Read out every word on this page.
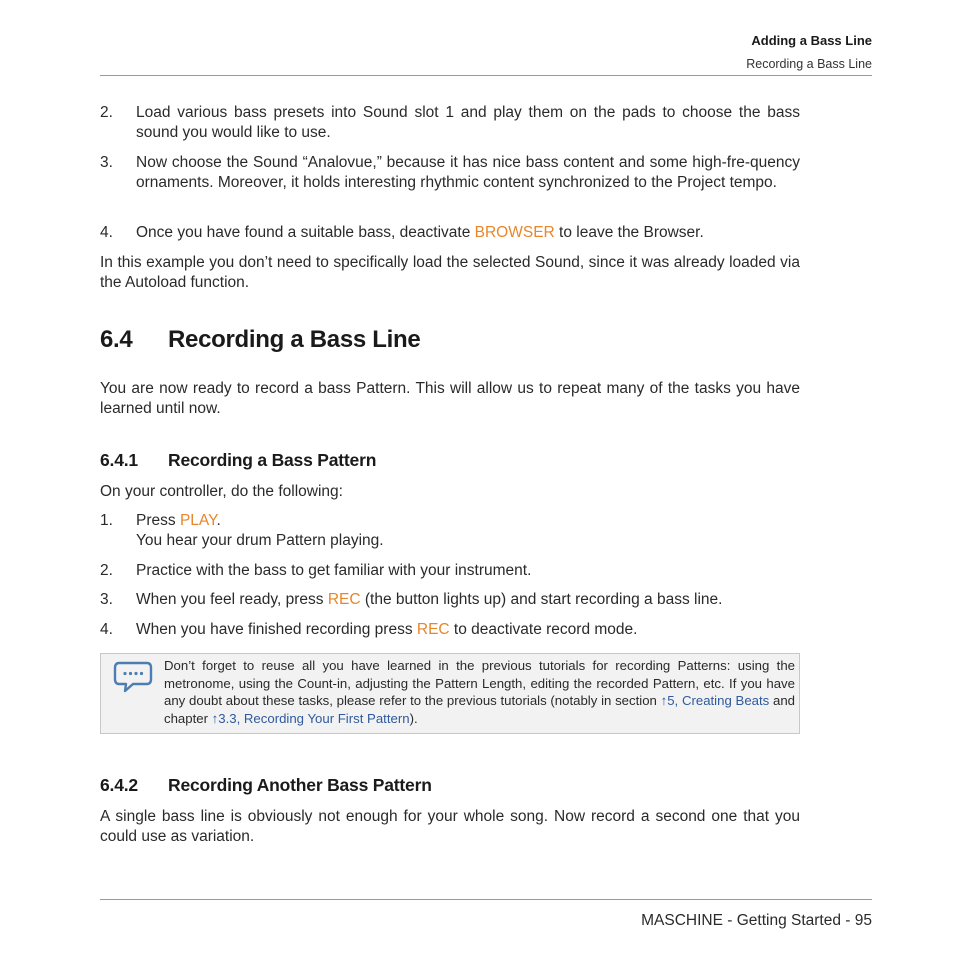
Adding a Bass Line
Recording a Bass Line
2.	Load various bass presets into Sound slot 1 and play them on the pads to choose the bass sound you would like to use.
3.	Now choose the Sound “Analovue,” because it has nice bass content and some high-fre-quency ornaments. Moreover, it holds interesting rhythmic content synchronized to the Project tempo.
4.	Once you have found a suitable bass, deactivate BROWSER to leave the Browser.
In this example you don’t need to specifically load the selected Sound, since it was already loaded via the Autoload function.
6.4 Recording a Bass Line
You are now ready to record a bass Pattern. This will allow us to repeat many of the tasks you have learned until now.
6.4.1 Recording a Bass Pattern
On your controller, do the following:
1.	Press PLAY.
You hear your drum Pattern playing.
2.	Practice with the bass to get familiar with your instrument.
3.	When you feel ready, press REC (the button lights up) and start recording a bass line.
4.	When you have finished recording press REC to deactivate record mode.
Don’t forget to reuse all you have learned in the previous tutorials for recording Patterns: using the metronome, using the Count-in, adjusting the Pattern Length, editing the recorded Pattern, etc. If you have any doubt about these tasks, please refer to the previous tutorials (notably in section ↑5, Creating Beats and chapter ↑3.3, Recording Your First Pattern).
6.4.2 Recording Another Bass Pattern
A single bass line is obviously not enough for your whole song. Now record a second one that you could use as variation.
MASCHINE - Getting Started - 95
